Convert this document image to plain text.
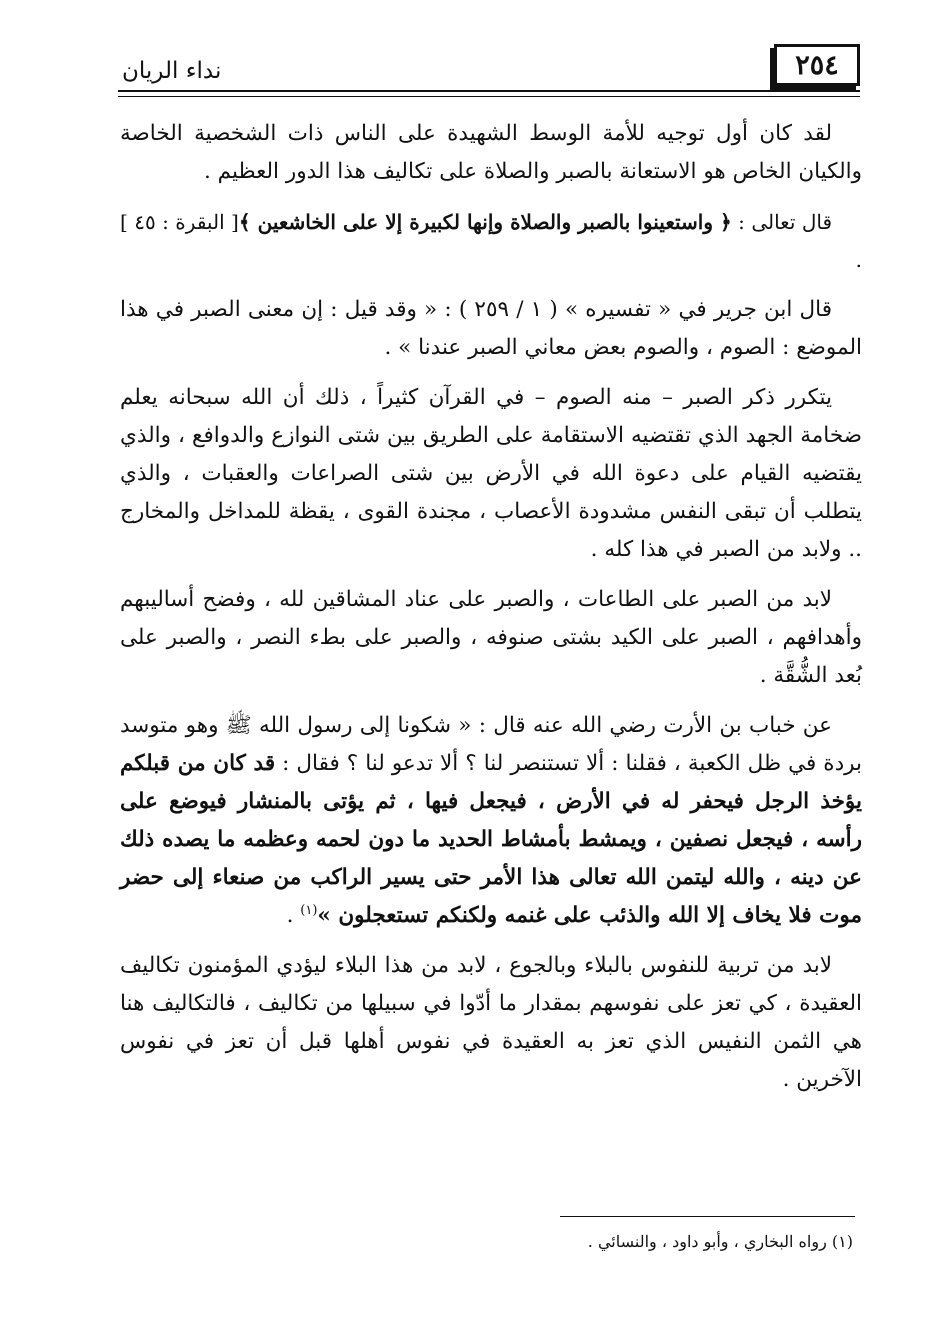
٢٥٤
نداء الريان

لقد كان أول توجيه للأمة الوسط الشهيدة على الناس ذات الشخصية الخاصة والكيان الخاص هو الاستعانة بالصبر والصلاة على تكاليف هذا الدور العظيم .

قال تعالى : ﴿ واستعينوا بالصبر والصلاة وإنها لكبيرة إلا على الخاشعين ﴾[ البقرة : ٤٥ ] .

قال ابن جرير في « تفسيره » ( ١ / ٢٥٩ ) : « وقد قيل : إن معنى الصبر في هذا الموضع : الصوم ، والصوم بعض معاني الصبر عندنا » .

يتكرر ذكر الصبر – منه الصوم – في القرآن كثيراً ، ذلك أن الله سبحانه يعلم ضخامة الجهد الذي تقتضيه الاستقامة على الطريق بين شتى النوازع والدوافع ، والذي يقتضيه القيام على دعوة الله في الأرض بين شتى الصراعات والعقبات ، والذي يتطلب أن تبقى النفس مشدودة الأعصاب ، مجندة القوى ، يقظة للمداخل والمخارج .. ولابد من الصبر في هذا كله .

لابد من الصبر على الطاعات ، والصبر على عناد المشاقين لله ، وفضح أساليبهم وأهدافهم ، الصبر على الكيد بشتى صنوفه ، والصبر على بطء النصر ، والصبر على بُعد الشُّقَّة .

عن خباب بن الأرت رضي الله عنه قال : « شكونا إلى رسول الله ﷺ وهو متوسد بردة في ظل الكعبة ، فقلنا : ألا تستنصر لنا ؟ ألا تدعو لنا ؟ فقال : قد كان من قبلكم يؤخذ الرجل فيحفر له في الأرض ، فيجعل فيها ، ثم يؤتى بالمنشار فيوضع على رأسه ، فيجعل نصفين ، ويمشط بأمشاط الحديد ما دون لحمه وعظمه ما يصده ذلك عن دينه ، والله ليتمن الله تعالى هذا الأمر حتى يسير الراكب من صنعاء إلى حضر موت فلا يخاف إلا الله والذئب على غنمه ولكنكم تستعجلون »$^{(١)}$ .

لابد من تربية للنفوس بالبلاء وبالجوع ، لابد من هذا البلاء ليؤدي المؤمنون تكاليف العقيدة ، كي تعز على نفوسهم بمقدار ما أدّوا في سبيلها من تكاليف ، فالتكاليف هنا هي الثمن النفيس الذي تعز به العقيدة في نفوس أهلها قبل أن تعز في نفوس الآخرين .

(١) رواه البخاري ، وأبو داود ، والنسائي .
